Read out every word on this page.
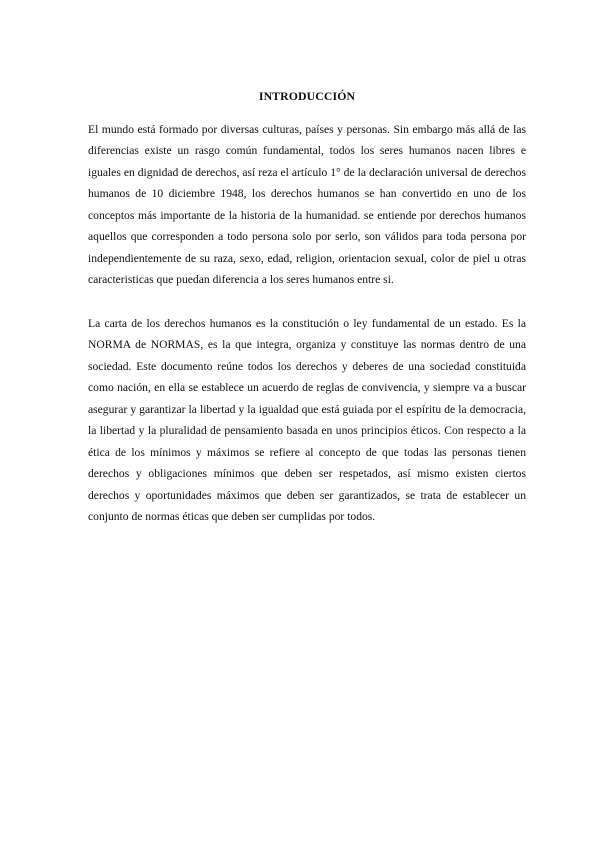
INTRODUCCIÓN

El mundo está formado por diversas culturas, países y personas. Sin embargo más allá de las diferencias existe un rasgo común fundamental, todos los seres humanos nacen libres e iguales en dignidad de derechos, así reza el artículo 1° de la declaración universal de derechos humanos de 10 diciembre 1948, los derechos humanos se han convertido en uno de los conceptos más importante de la historia de la humanidad. se entiende por derechos humanos aquellos que corresponden a todo persona solo por serlo, son válidos para toda persona por independientemente de su raza, sexo, edad, religion, orientacion sexual, color de piel u otras caracteristicas que puedan diferencia a los seres humanos entre si.

La carta de los derechos humanos es la constitución o ley fundamental de un estado. Es la NORMA de NORMAS, es la que integra, organiza y constituye las normas dentro de una sociedad. Este documento reúne todos los derechos y deberes de una sociedad constituida como nación, en ella se establece un acuerdo de reglas de convivencia, y siempre va a buscar asegurar y garantizar la libertad y la igualdad que está guiada por el espíritu de la democracia, la libertad y la pluralidad de pensamiento basada en unos principios éticos. Con respecto a la ética de los mínimos y máximos se refiere al concepto de que todas las personas tienen derechos y obligaciones mínimos que deben ser respetados, así mismo existen ciertos derechos y oportunidades máximos que deben ser garantizados, se trata de establecer un conjunto de normas éticas que deben ser cumplidas por todos.
